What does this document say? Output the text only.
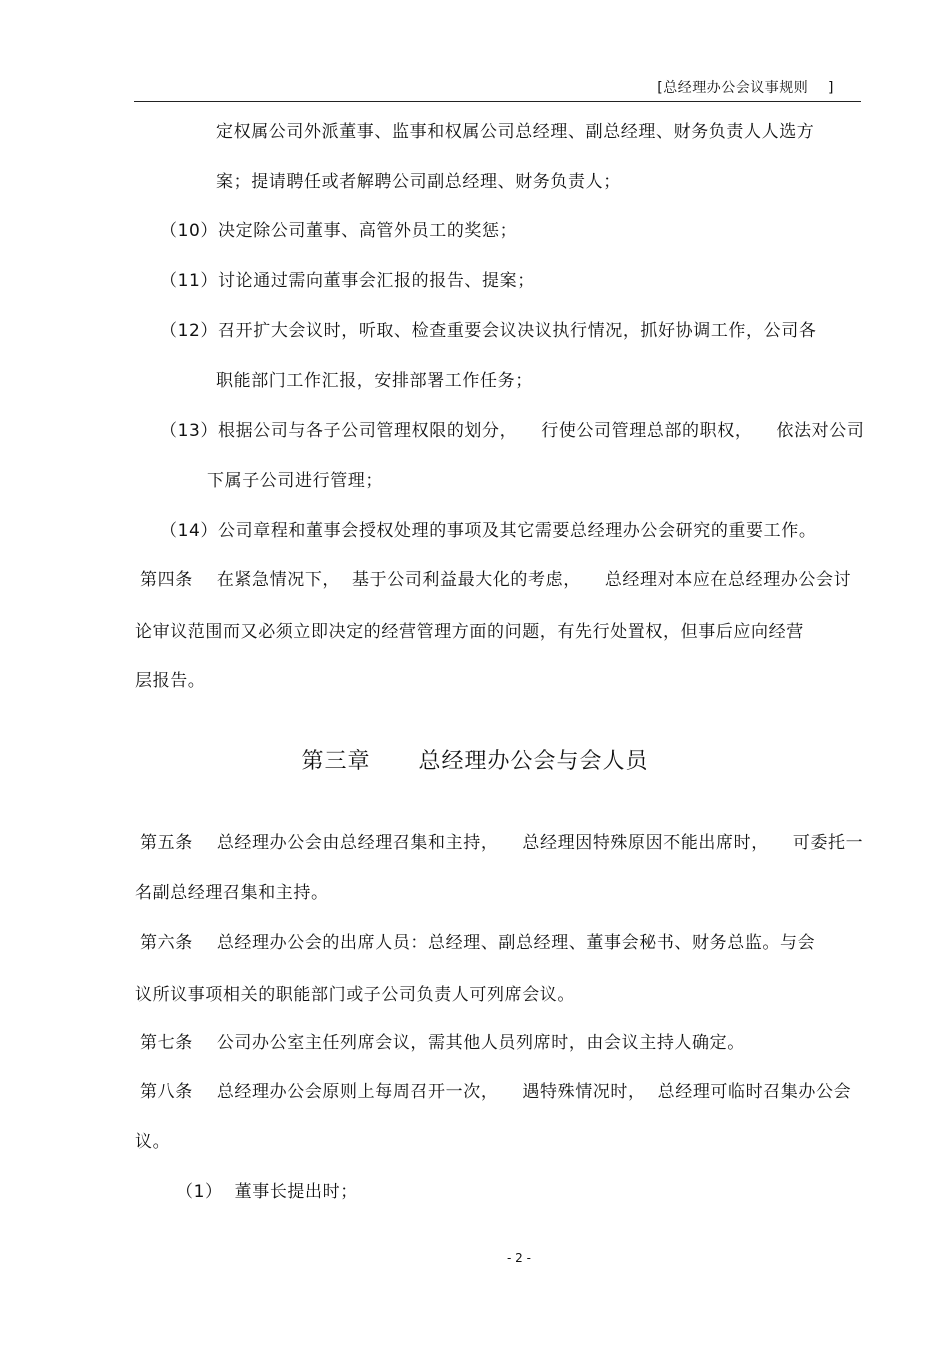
[总经理办公会议事规则    ]
定权属公司外派董事、监事和权属公司总经理、副总经理、财务负责人人选方
案；提请聘任或者解聘公司副总经理、财务负责人；
（10）决定除公司董事、高管外员工的奖惩；
（11）讨论通过需向董事会汇报的报告、提案；
（12）召开扩大会议时，听取、检查重要会议决议执行情况，抓好协调工作，公司各
职能部门工作汇报，安排部署工作任务；
（13）根据公司与各子公司管理权限的划分，    行使公司管理总部的职权，    依法对公司
下属子公司进行管理；
（14）公司章程和董事会授权处理的事项及其它需要总经理办公会研究的重要工作。
第四条    在紧急情况下，  基于公司利益最大化的考虑，    总经理对本应在总经理办公会讨
论审议范围而又必须立即决定的经营管理方面的问题，有先行处置权，但事后应向经营
层报告。
第三章      总经理办公会与会人员
第五条    总经理办公会由总经理召集和主持，    总经理因特殊原因不能出席时，    可委托一
名副总经理召集和主持。
第六条    总经理办公会的出席人员：总经理、副总经理、董事会秘书、财务总监。与会
议所议事项相关的职能部门或子公司负责人可列席会议。
第七条    公司办公室主任列席会议，需其他人员列席时，由会议主持人确定。
第八条    总经理办公会原则上每周召开一次，    遇特殊情况时，  总经理可临时召集办公会
议。
（1）  董事长提出时；
- 2 -
